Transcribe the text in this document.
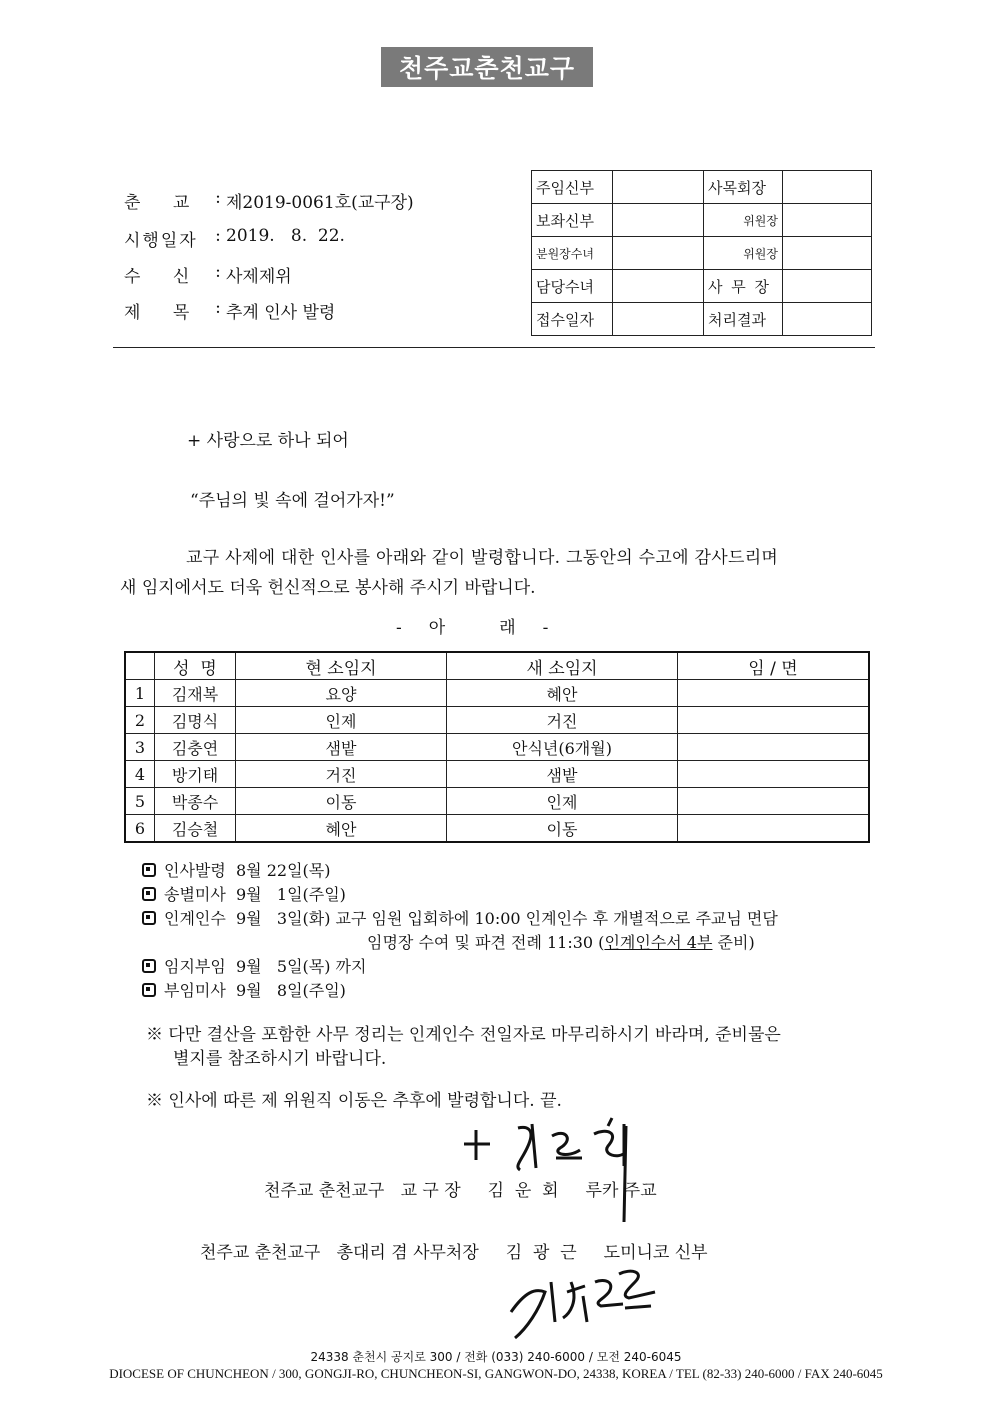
천주교춘천교구
춘      교	: 제2019-0061호(교구장)
시행일자	: 2019.   8.  22.
수      신	: 사제제위
제      목	: 추계 인사 발령
주임신부		사목회장	
보좌신부		위원장	
분원장수녀		위원장	
담당수녀		사 무 장	
접수일자		처리결과	
+ 사랑으로 하나 되어
“주님의 빛 속에 걸어가자!”
교구 사제에 대한 인사를 아래와 같이 발령합니다. 그동안의 수고에 감사드리며
새 임지에서도 더욱 헌신적으로 봉사해 주시기 바랍니다.
-     아          래     -
	성  명	현 소임지	새 소임지	임 / 면
1	김재복	요양	혜안	
2	김명식	인제	거진	
3	김충연	샘밭	안식년(6개월)	
4	방기태	거진	샘밭	
5	박종수	이동	인제	
6	김승철	혜안	이동	
인사발령  8월 22일(목)
송별미사  9월   1일(주일)
인계인수  9월   3일(화) 교구 임원 입회하에 10:00 인계인수 후 개별적으로 주교님 면담
임명장 수여 및 파견 전례 11:30 ( 인계인수서 4부 준비)
임지부임  9월   5일(목) 까지
부임미사  9월   8일(주일)
※ 다만 결산을 포함한 사무 정리는 인계인수 전일자로 마무리하시기 바라며, 준비물은
별지를 참조하시기 바랍니다.
※ 인사에 따른 제 위원직 이동은 추후에 발령합니다. 끝.
천주교 춘천교구   교 구 장     김  운  회     루카 주교
천주교 춘천교구   총대리 겸 사무처장     김  광  근     도미니코 신부
24338 춘천시 공지로 300 / 전화 (033) 240-6000 / 모전 240-6045
DIOCESE OF CHUNCHEON / 300, GONGJI-RO, CHUNCHEON-SI, GANGWON-DO, 24338, KOREA / TEL (82-33) 240-6000 / FAX 240-6045
